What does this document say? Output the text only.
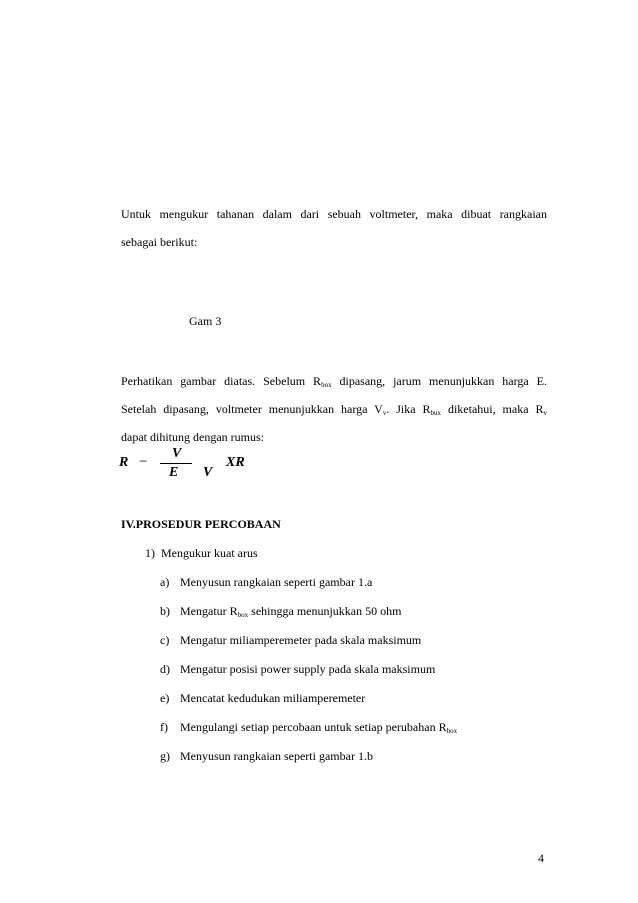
Untuk mengukur tahanan dalam dari sebuah voltmeter, maka dibuat rangkaian
sebagai berikut:
Gam 3
Perhatikan gambar diatas. Sebelum $R_{box}$ dipasang, jarum menunjukkan harga E.
Setelah dipasang, voltmeter menunjukkan harga $V_v$. Jika $R_{bux}$ diketahui, maka $R_v$
dapat dihitung dengan rumus:
R −
V
E V
XR
IV.PROSEDUR PERCOBAAN
1)  Mengukur kuat arus
a) Menyusun rangkaian seperti gambar 1.a
b) Mengatur $R_{box}$ sehingga menunjukkan 50 ohm
c) Mengatur miliamperemeter pada skala maksimum
d) Mengatur posisi power supply pada skala maksimum
e) Mencatat kedudukan miliamperemeter
f) Mengulangi setiap percobaan untuk setiap perubahan $R_{box}$
g) Menyusun rangkaian seperti gambar 1.b
4
